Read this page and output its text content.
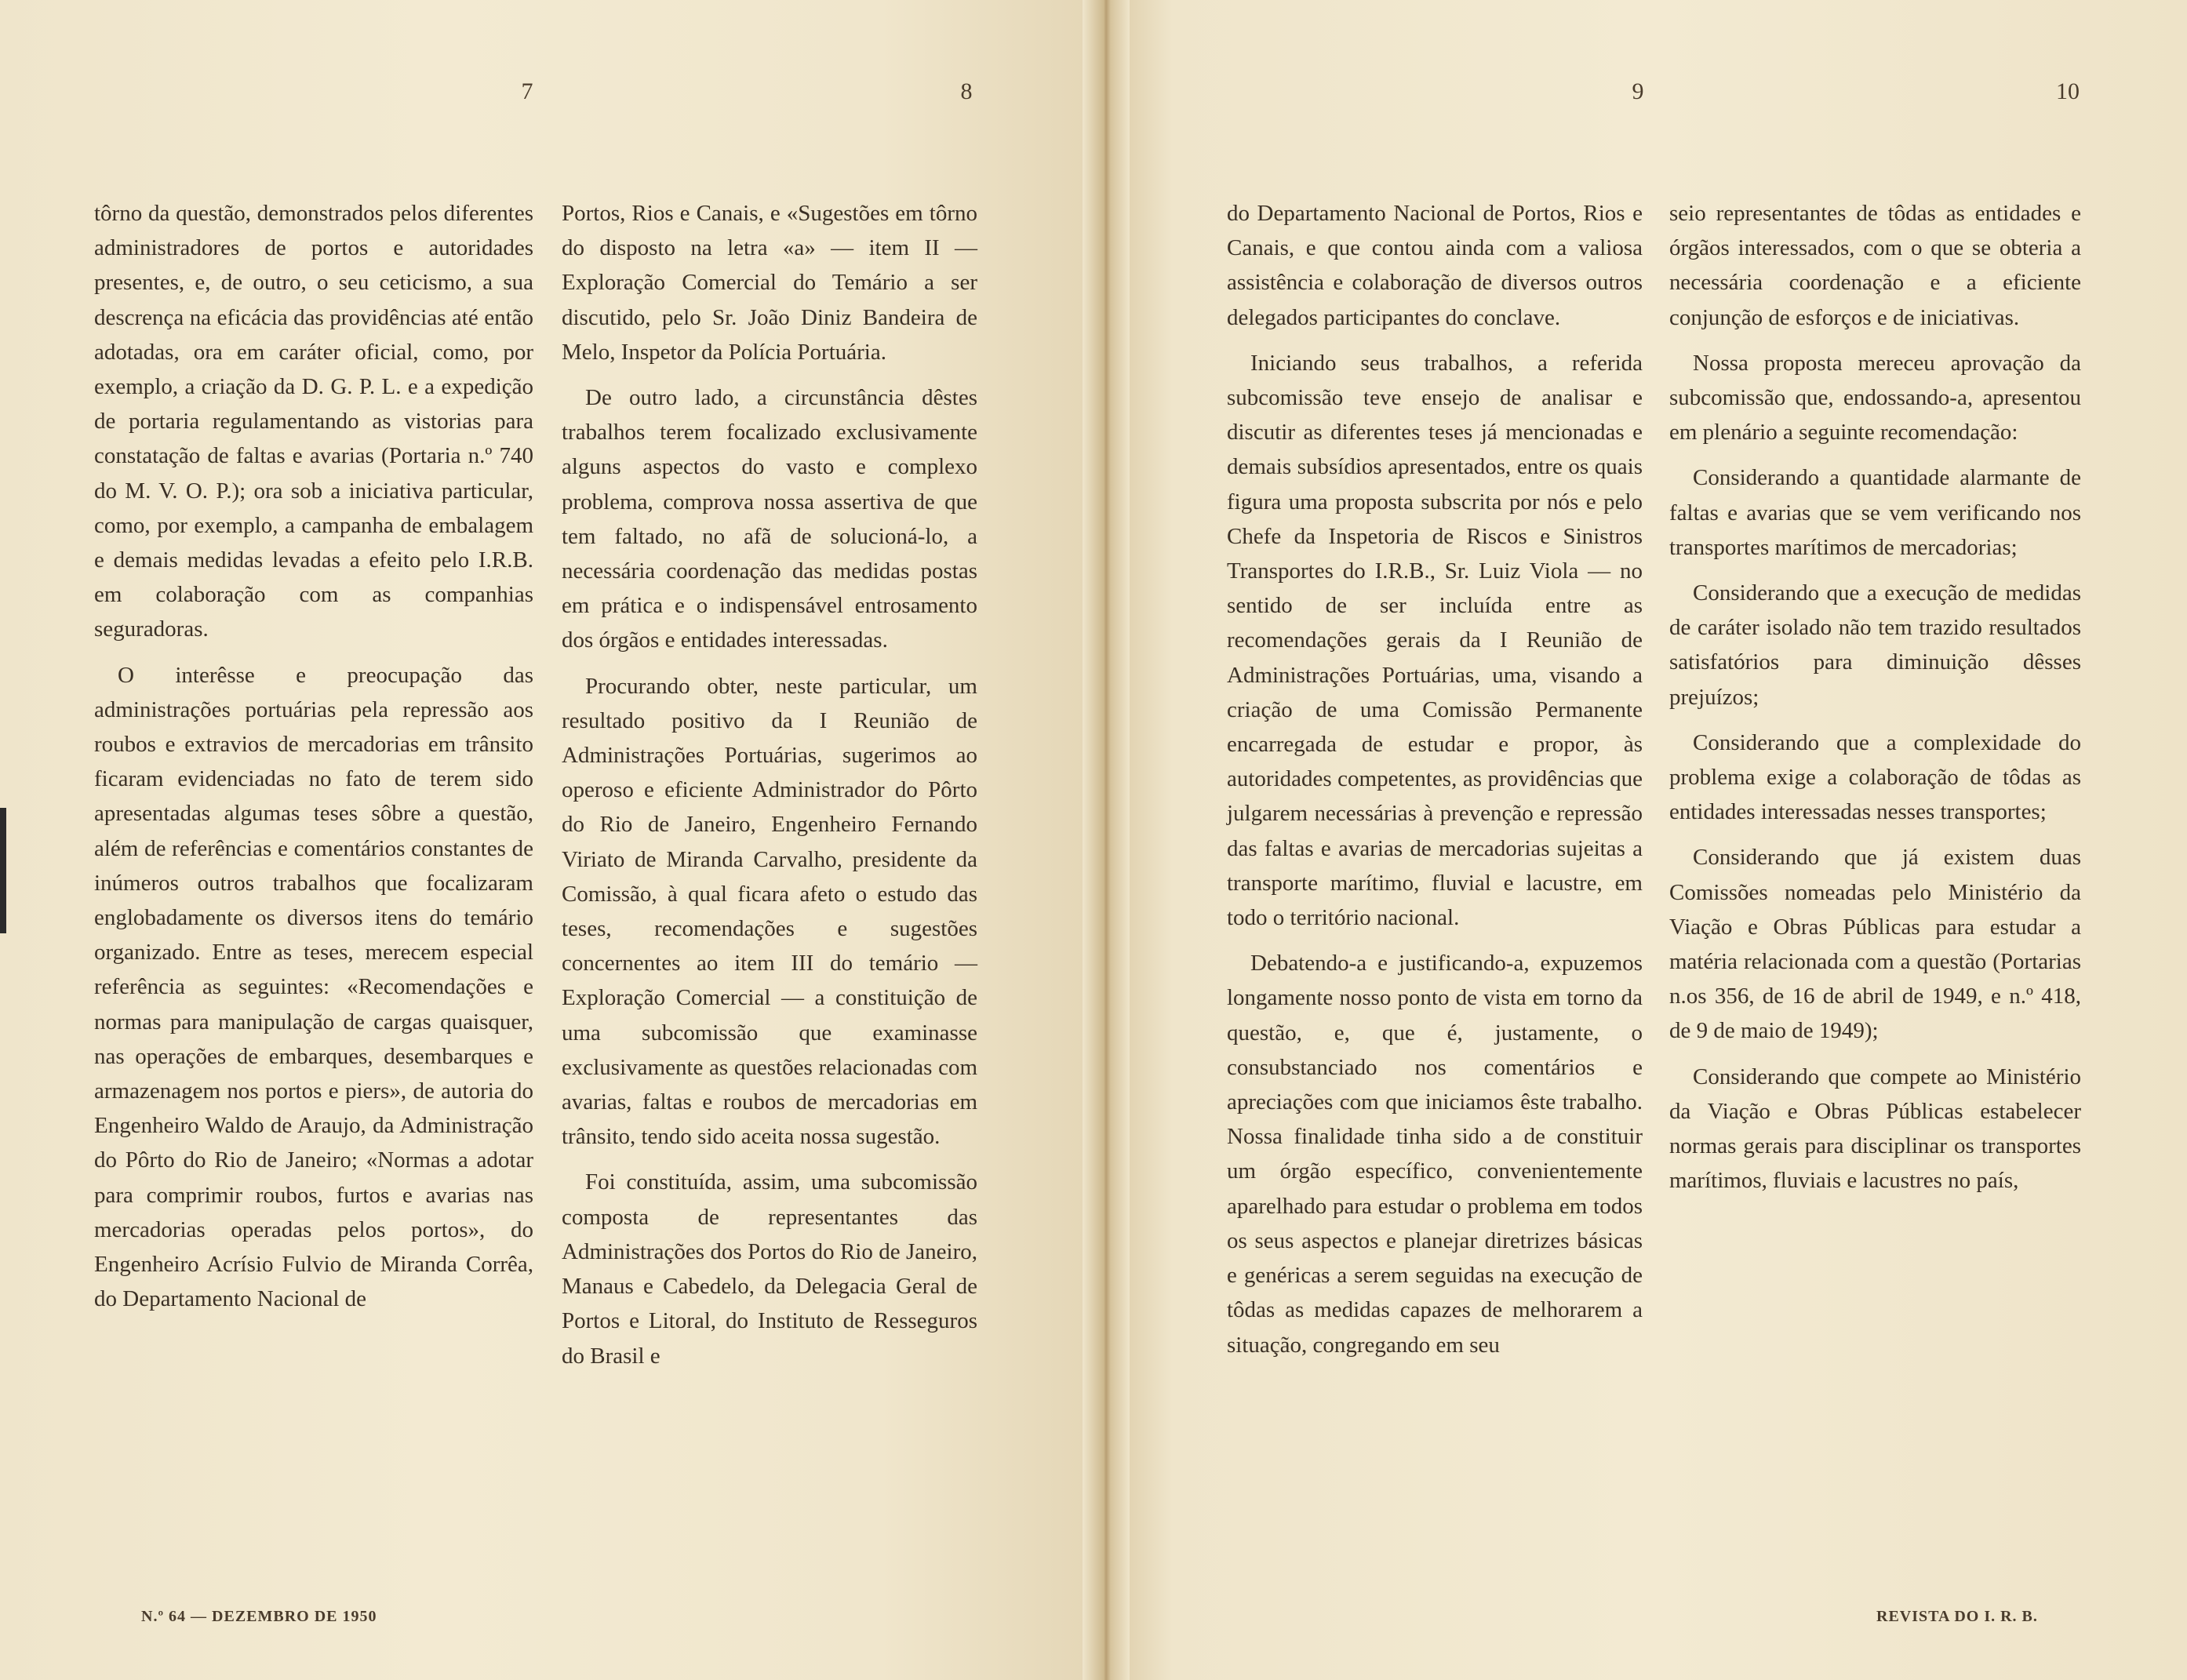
7	8	9	10

tôrno da questão, demonstrados pelos diferentes administradores de portos e autoridades presentes, e, de outro, o seu ceticismo, a sua descrença na eficácia das providências até então adotadas, ora em caráter oficial, como, por exemplo, a criação da D. G. P. L. e a expedição de portaria regulamentando as vistorias para constatação de faltas e avarias (Portaria n.º 740 do M. V. O. P.); ora sob a iniciativa particular, como, por exemplo, a campanha de embalagem e demais medidas levadas a efeito pelo I.R.B. em colaboração com as companhias seguradoras.

O interêsse e preocupação das administrações portuárias pela repressão aos roubos e extravios de mercadorias em trânsito ficaram evidenciadas no fato de terem sido apresentadas algumas teses sôbre a questão, além de referências e comentários constantes de inúmeros outros trabalhos que focalizaram englobadamente os diversos itens do temário organizado. Entre as teses, merecem especial referência as seguintes: «Recomendações e normas para manipulação de cargas quaisquer, nas operações de embarques, desembarques e armazenagem nos portos e piers», de autoria do Engenheiro Waldo de Araujo, da Administração do Pôrto do Rio de Janeiro; «Normas a adotar para comprimir roubos, furtos e avarias nas mercadorias operadas pelos portos», do Engenheiro Acrísio Fulvio de Miranda Corrêa, do Departamento Nacional de

Portos, Rios e Canais, e «Sugestões em tôrno do disposto na letra «a» — item II — Exploração Comercial do Temário a ser discutido, pelo Sr. João Diniz Bandeira de Melo, Inspetor da Polícia Portuária.

De outro lado, a circunstância dêstes trabalhos terem focalizado exclusivamente alguns aspectos do vasto e complexo problema, comprova nossa assertiva de que tem faltado, no afã de solucioná-lo, a necessária coordenação das medidas postas em prática e o indispensável entrosamento dos órgãos e entidades interessadas.

Procurando obter, neste particular, um resultado positivo da I Reunião de Administrações Portuárias, sugerimos ao operoso e eficiente Administrador do Pôrto do Rio de Janeiro, Engenheiro Fernando Viriato de Miranda Carvalho, presidente da Comissão, à qual ficara afeto o estudo das teses, recomendações e sugestões concernentes ao item III do temário — Exploração Comercial — a constituição de uma subcomissão que examinasse exclusivamente as questões relacionadas com avarias, faltas e roubos de mercadorias em trânsito, tendo sido aceita nossa sugestão.

Foi constituída, assim, uma subcomissão composta de representantes das Administrações dos Portos do Rio de Janeiro, Manaus e Cabedelo, da Delegacia Geral de Portos e Litoral, do Instituto de Resseguros do Brasil e

do Departamento Nacional de Portos, Rios e Canais, e que contou ainda com a valiosa assistência e colaboração de diversos outros delegados participantes do conclave.

Iniciando seus trabalhos, a referida subcomissão teve ensejo de analisar e discutir as diferentes teses já mencionadas e demais subsídios apresentados, entre os quais figura uma proposta subscrita por nós e pelo Chefe da Inspetoria de Riscos e Sinistros Transportes do I.R.B., Sr. Luiz Viola — no sentido de ser incluída entre as recomendações gerais da I Reunião de Administrações Portuárias, uma, visando a criação de uma Comissão Permanente encarregada de estudar e propor, às autoridades competentes, as providências que julgarem necessárias à prevenção e repressão das faltas e avarias de mercadorias sujeitas a transporte marítimo, fluvial e lacustre, em todo o território nacional.

Debatendo-a e justificando-a, expuzemos longamente nosso ponto de vista em torno da questão, e, que é, justamente, o consubstanciado nos comentários e apreciações com que iniciamos êste trabalho. Nossa finalidade tinha sido a de constituir um órgão específico, convenientemente aparelhado para estudar o problema em todos os seus aspectos e planejar diretrizes básicas e genéricas a serem seguidas na execução de tôdas as medidas capazes de melhorarem a situação, congregando em seu

seio representantes de tôdas as entidades e órgãos interessados, com o que se obteria a necessária coordenação e a eficiente conjunção de esforços e de iniciativas.

Nossa proposta mereceu aprovação da subcomissão que, endossando-a, apresentou em plenário a seguinte recomendação:

Considerando a quantidade alarmante de faltas e avarias que se vem verificando nos transportes marítimos de mercadorias;

Considerando que a execução de medidas de caráter isolado não tem trazido resultados satisfatórios para diminuição dêsses prejuízos;

Considerando que a complexidade do problema exige a colaboração de tôdas as entidades interessadas nesses transportes;

Considerando que já existem duas Comissões nomeadas pelo Ministério da Viação e Obras Públicas para estudar a matéria relacionada com a questão (Portarias n.os 356, de 16 de abril de 1949, e n.º 418, de 9 de maio de 1949);

Considerando que compete ao Ministério da Viação e Obras Públicas estabelecer normas gerais para disciplinar os transportes marítimos, fluviais e lacustres no país,

N.º 64 — DEZEMBRO DE 1950	REVISTA DO I. R. B.
